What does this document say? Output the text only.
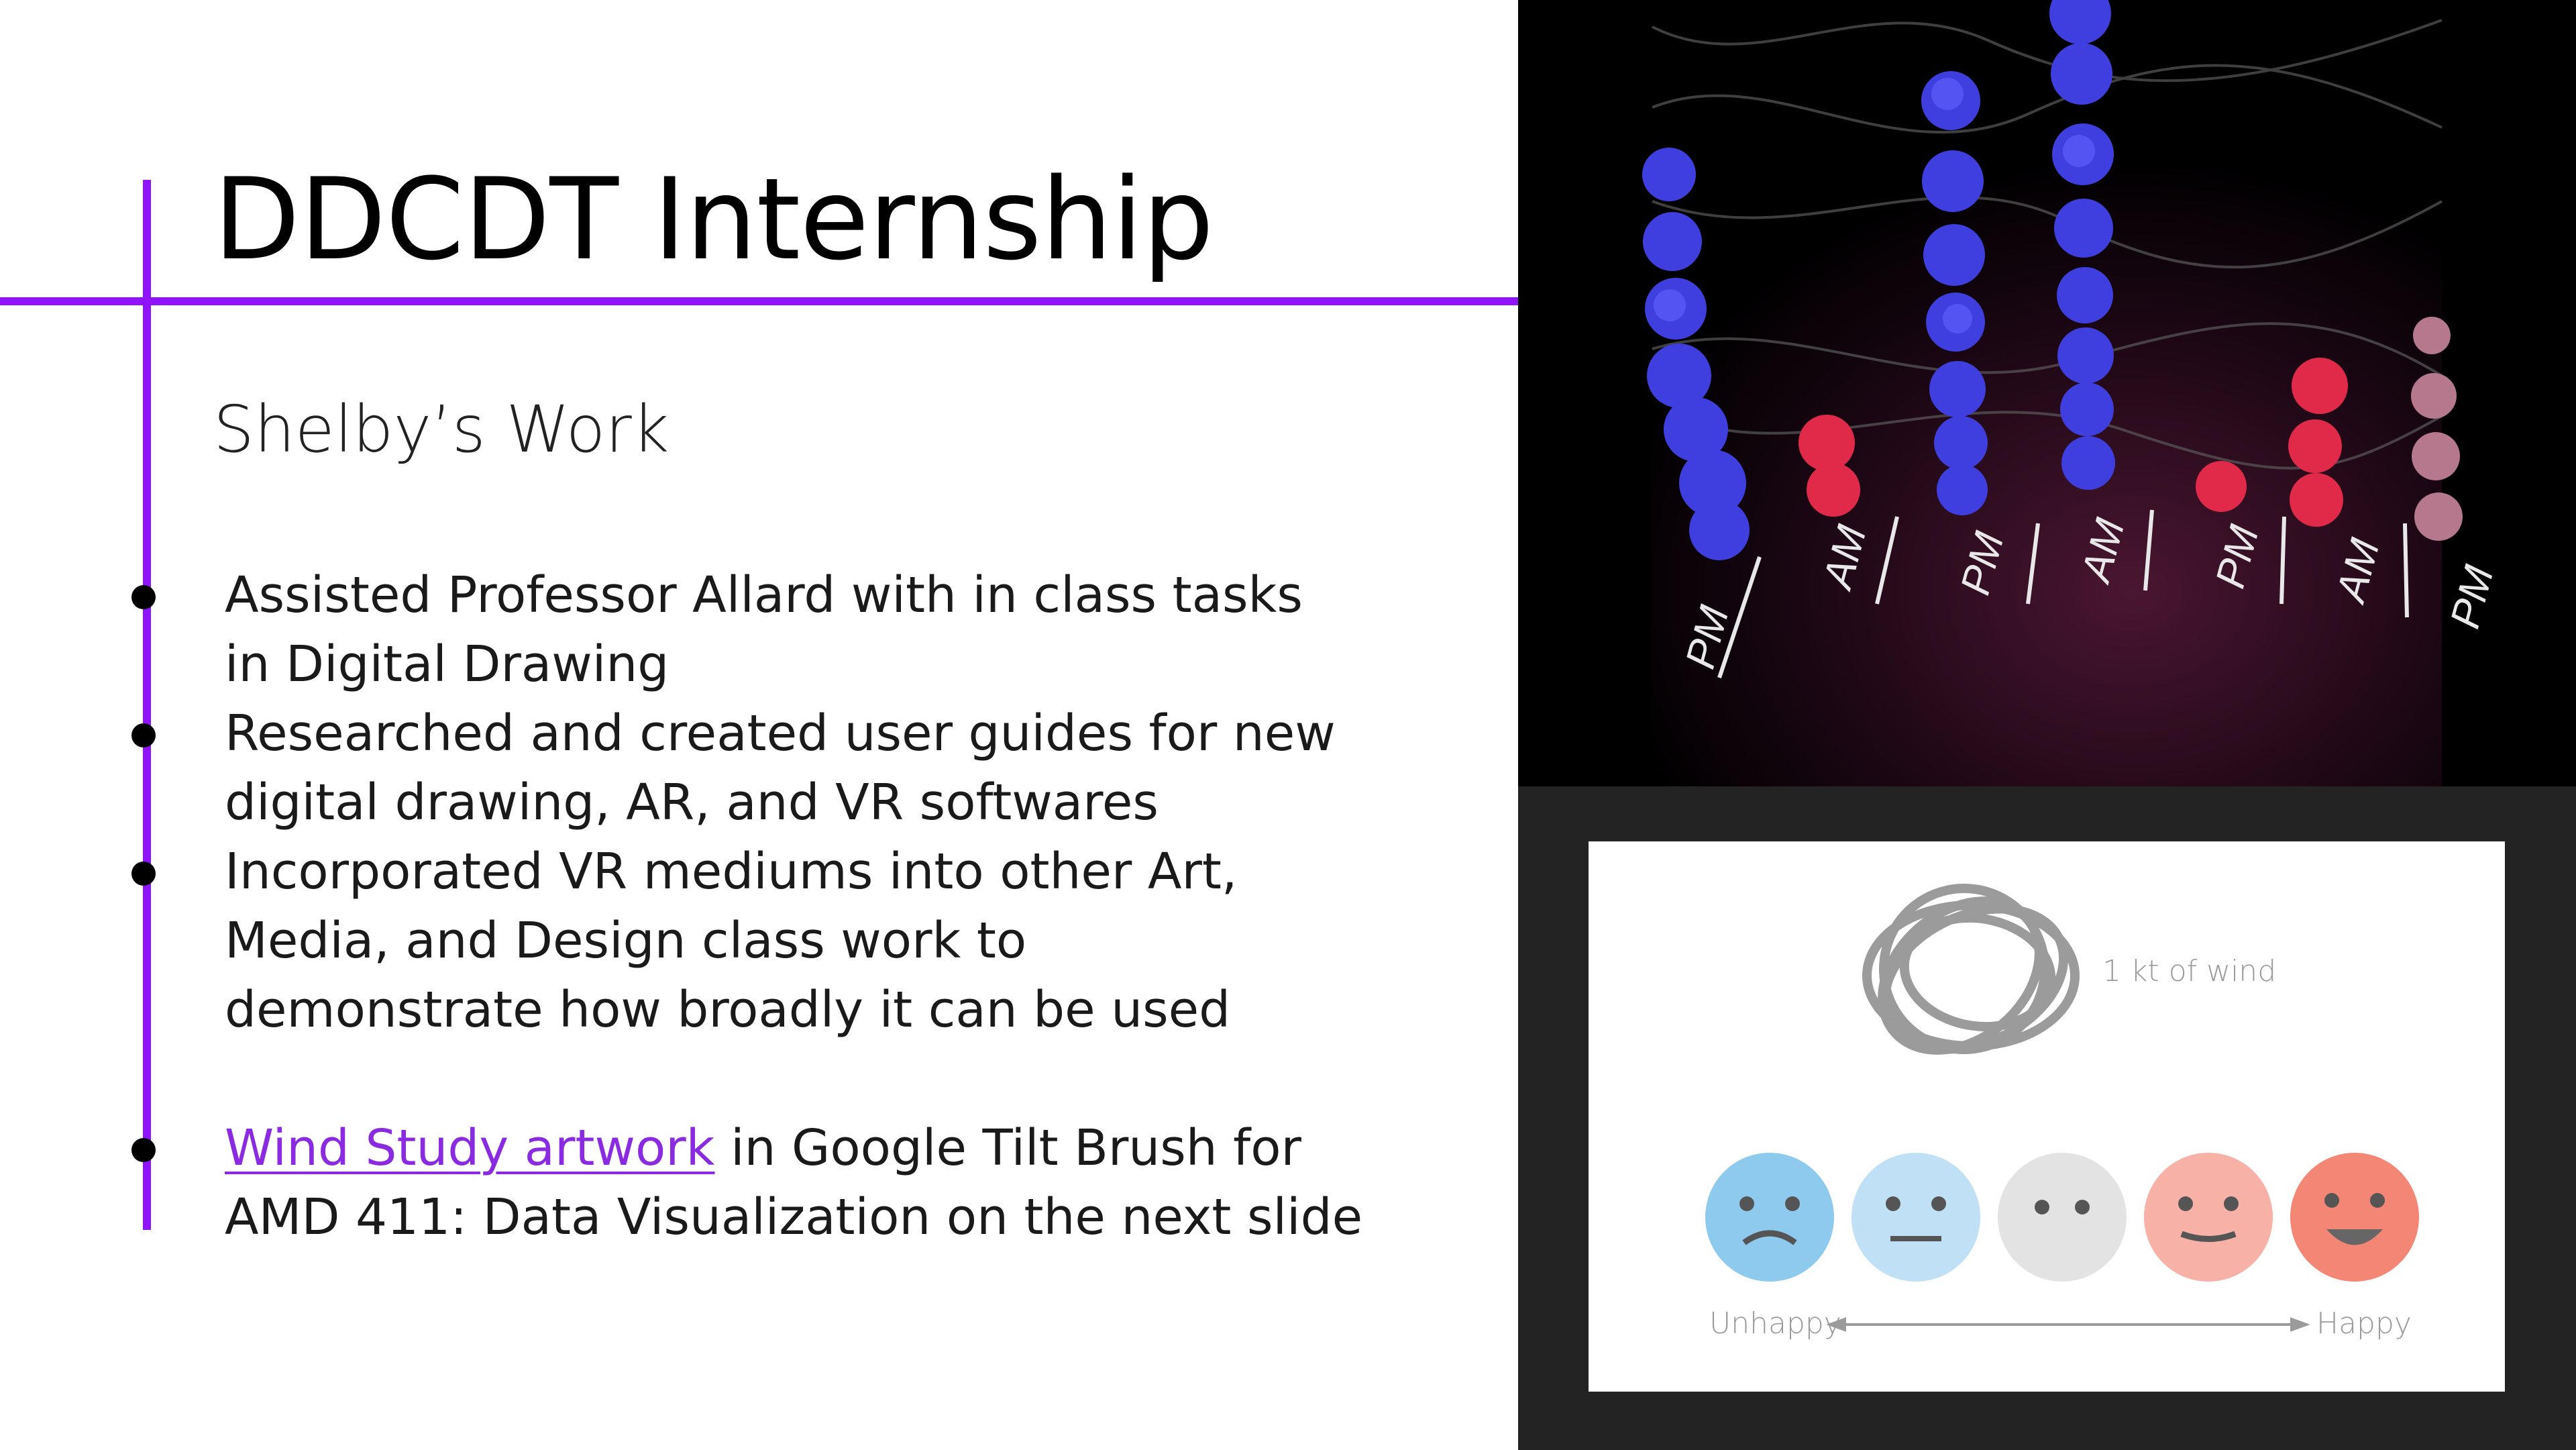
DDCDT Internship
Shelby’s Work

Assisted Professor Allard with in class tasks

in Digital Drawing

Researched and created user guides for new

digital drawing, AR, and VR softwares

Incorporated VR mediums into other Art,

Media, and Design class work to

demonstrate how broadly it can be used

Wind Study artwork in Google Tilt Brush for

AMD 411: Data Visualization on the next slide

PM
AM PM AM PM AM PM
1 kt of wind
Unhappy	Happy
